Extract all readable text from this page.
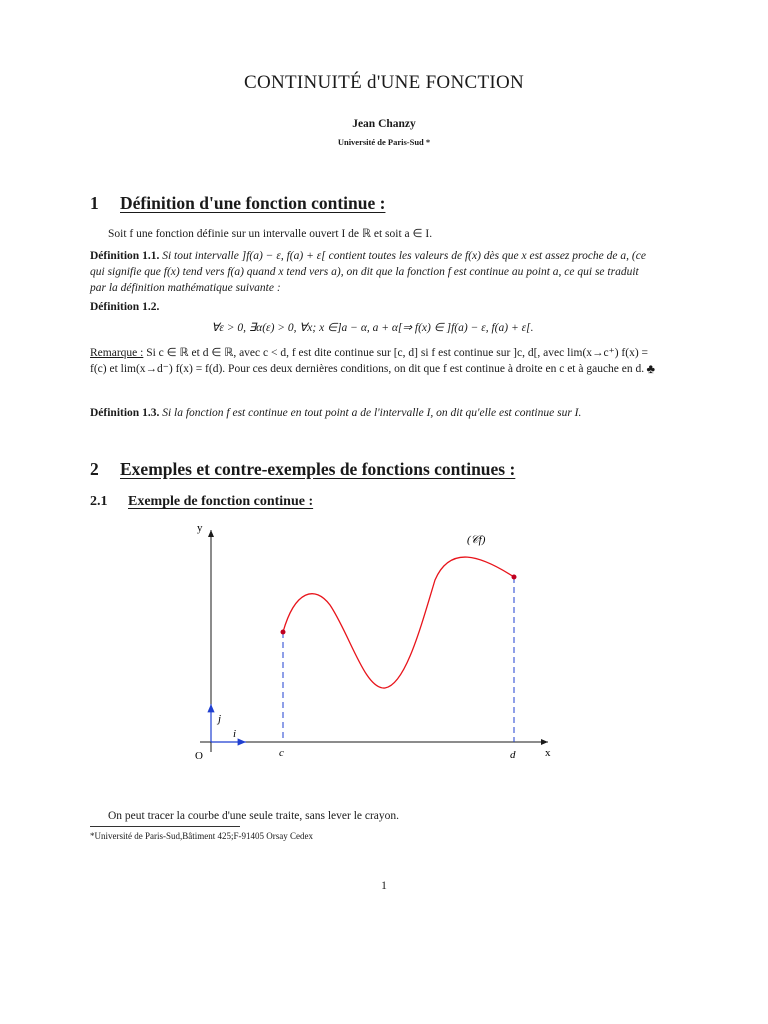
CONTINUITÉ d'UNE FONCTION
Jean Chanzy
Université de Paris-Sud *
1 Définition d'une fonction continue :
Soit f une fonction définie sur un intervalle ouvert I de ℝ et soit a ∈ I.
Définition 1.1. Si tout intervalle ]f(a) − ε, f(a) + ε[ contient toutes les valeurs de f(x) dès que x est assez proche de a, (ce qui signifie que f(x) tend vers f(a) quand x tend vers a), on dit que la fonction f est continue au point a, ce qui se traduit par la définition mathématique suivante :
Définition 1.2.
∀ε > 0, ∃α(ε) > 0, ∀x; x ∈]a − α, a + α[⇒ f(x) ∈ ]f(a) − ε, f(a) + ε[.
Remarque : Si c ∈ ℝ et d ∈ ℝ, avec c < d, f est dite continue sur [c, d] si f est continue sur ]c, d[, avec lim(x→c⁺) f(x) = f(c) et lim(x→d⁻) f(x) = f(d). Pour ces deux dernières conditions, on dit que f est continue à droite en c et à gauche en d. ♣
Définition 1.3. Si la fonction f est continue en tout point a de l'intervalle I, on dit qu'elle est continue sur I.
2 Exemples et contre-exemples de fonctions continues :
2.1 Exemple de fonction continue :
y
x
O
j
i
c	d
(𝒞f)
On peut tracer la courbe d'une seule traite, sans lever le crayon.
*Université de Paris-Sud,Bâtiment 425;F-91405 Orsay Cedex
1
